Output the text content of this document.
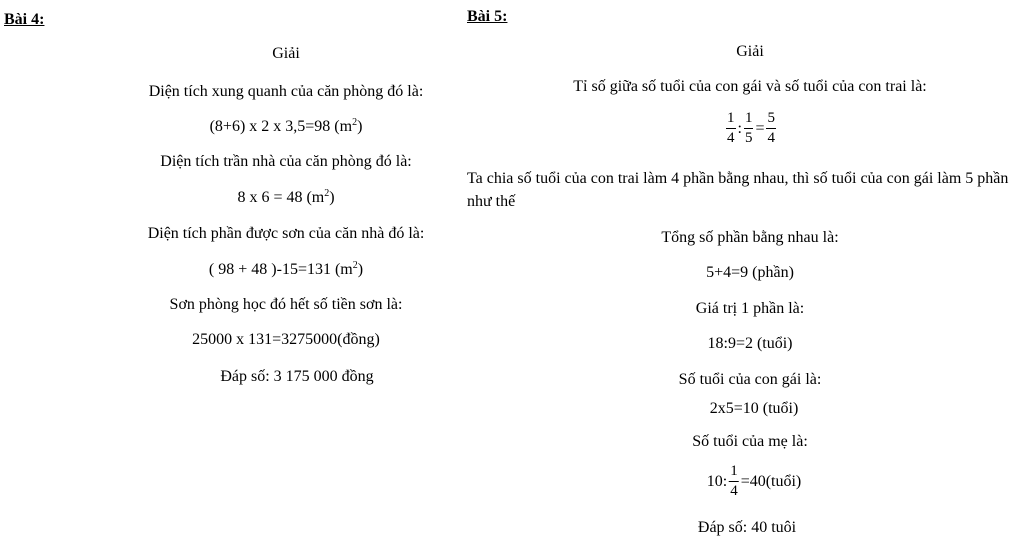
Bài 4:
Giải
Diện tích xung quanh của căn phòng đó là:
(8+6) x 2 x 3,5=98 $(m^2)$
Diện tích trần nhà của căn phòng đó là:
8 x 6 = 48 $(m^2)$
Diện tích phần được sơn của căn nhà đó là:
( 98 + 48 )-15=131 $(m^2)$
Sơn phòng học đó hết số tiền sơn là:
25000 x 131=3275000(đồng)
Đáp số: 3 175 000 đồng
Bài 5:
Giải
Tỉ số giữa số tuổi của con gái và số tuổi của con trai là:
$\frac{1}{4}$ : $\frac{1}{5} = \frac{5}{4}$
Ta chia số tuổi của con trai làm 4 phần bằng nhau, thì số tuổi của con gái làm 5 phần như thế
Tổng số phần bằng nhau là:
5+4=9 (phần)
Giá trị 1 phần là:
18:9=2 (tuổi)
Số tuổi của con gái là:
2x5=10 (tuổi)
Số tuổi của mẹ là:
10: $\frac{1}{4}$ =40(tuổi)
Đáp số: 40 tuôi
